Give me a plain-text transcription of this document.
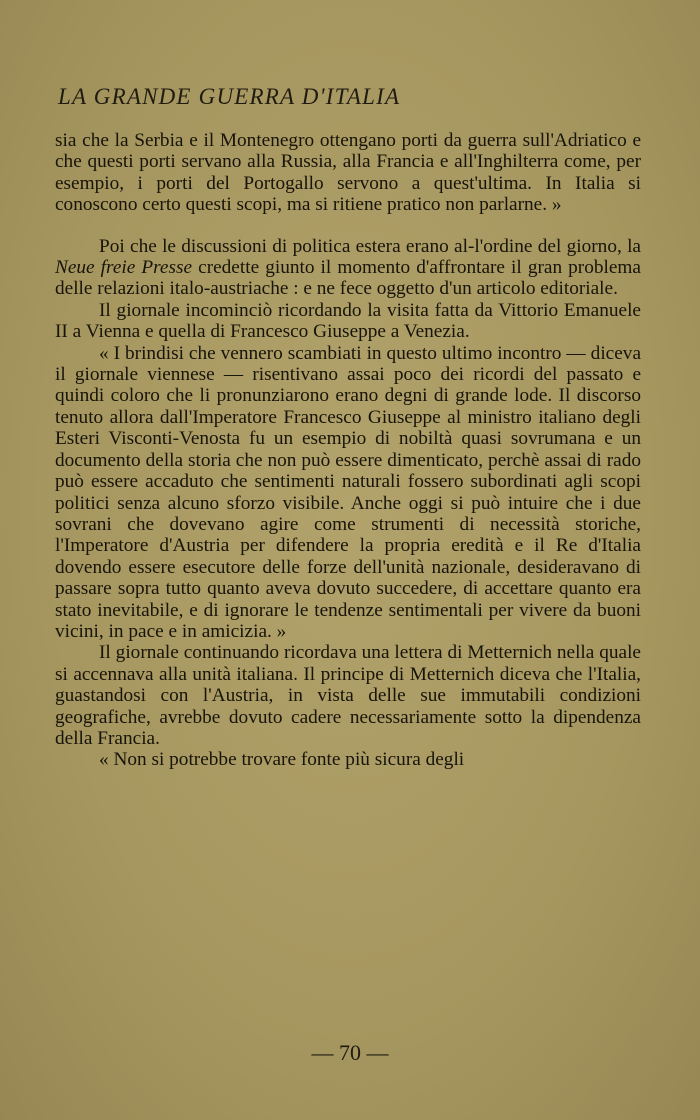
LA GRANDE GUERRA D'ITALIA

sia che la Serbia e il Montenegro ottengano porti da guerra sull'Adriatico e che questi porti servano alla Russia, alla Francia e all'Inghilterra come, per esempio, i porti del Portogallo servono a quest'ultima. In Italia si conoscono certo questi scopi, ma si ritiene pratico non parlarne. »

Poi che le discussioni di politica estera erano al-l'ordine del giorno, la Neue freie Presse credette giunto il momento d'affrontare il gran problema delle relazioni italo-austriache : e ne fece oggetto d'un articolo editoriale.

Il giornale incominciò ricordando la visita fatta da Vittorio Emanuele II a Vienna e quella di Francesco Giuseppe a Venezia.

« I brindisi che vennero scambiati in questo ultimo incontro — diceva il giornale viennese — risentivano assai poco dei ricordi del passato e quindi coloro che li pronunziarono erano degni di grande lode. Il discorso tenuto allora dall'Imperatore Francesco Giuseppe al ministro italiano degli Esteri Visconti-Venosta fu un esempio di nobiltà quasi sovrumana e un documento della storia che non può essere dimenticato, perchè assai di rado può essere accaduto che sentimenti naturali fossero subordinati agli scopi politici senza alcuno sforzo visibile. Anche oggi si può intuire che i due sovrani che dovevano agire come strumenti di necessità storiche, l'Imperatore d'Austria per difendere la propria eredità e il Re d'Italia dovendo essere esecutore delle forze dell'unità nazionale, desideravano di passare sopra tutto quanto aveva dovuto succedere, di accettare quanto era stato inevitabile, e di ignorare le tendenze sentimentali per vivere da buoni vicini, in pace e in amicizia. »

Il giornale continuando ricordava una lettera di Metternich nella quale si accennava alla unità italiana. Il principe di Metternich diceva che l'Italia, guastandosi con l'Austria, in vista delle sue immutabili condizioni geografiche, avrebbe dovuto cadere necessariamente sotto la dipendenza della Francia.

« Non si potrebbe trovare fonte più sicura degli

— 70 —
